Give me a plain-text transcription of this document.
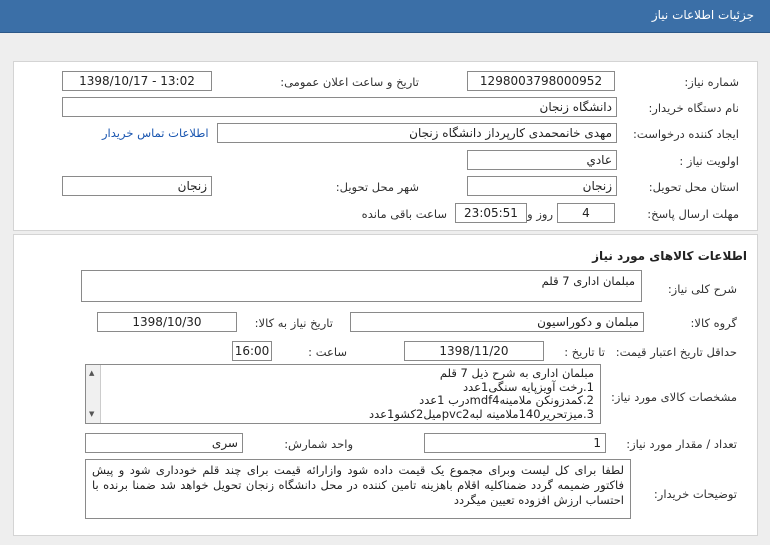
جزئیات اطلاعات نیاز
شماره نیاز:
1298003798000952
تاریخ و ساعت اعلان عمومی:
1398/10/17 - 13:02
نام دستگاه خریدار:
دانشگاه زنجان
ایجاد کننده درخواست:
مهدی خانمحمدی کارپرداز دانشگاه زنجان
اطلاعات تماس خریدار
اولویت نیاز :
عادي
استان محل تحویل:
زنجان
شهر محل تحویل:
زنجان
مهلت ارسال پاسخ:
4
روز و
23:05:51
ساعت باقی مانده
اطلاعات کالاهای مورد نیاز
شرح کلی نیاز:
مبلمان اداری 7 قلم
گروه کالا:
مبلمان و دکوراسیون
تاریخ نیاز به کالا:
1398/10/30
حداقل تاریخ اعتبار قیمت:
تا تاریخ :
1398/11/20
ساعت :
16:00
مشخصات کالای مورد نیاز:
▲
▼
مبلمان اداری به شرح ذیل 7 قلم
1.رخت آویزپایه سنگی1عدد
2.کمدزونکن ملامینهmdf4درب 1عدد
3.میزتحریر140ملامینه لبهpvc2ميل2کشو1عدد
تعداد / مقدار مورد نیاز:
1
واحد شمارش:
سری
توضیحات خریدار:
لطفا برای کل لیست وبرای مجموع یک قیمت داده شود وازارائه قیمت برای چند قلم خودداری شود و پیش فاکتور ضمیمه گردد ضمناکلیه اقلام باهزینه تامین کننده در محل دانشگاه زنجان تحویل خواهد شد ضمنا برنده با احتساب ارزش افزوده تعیین میگردد
